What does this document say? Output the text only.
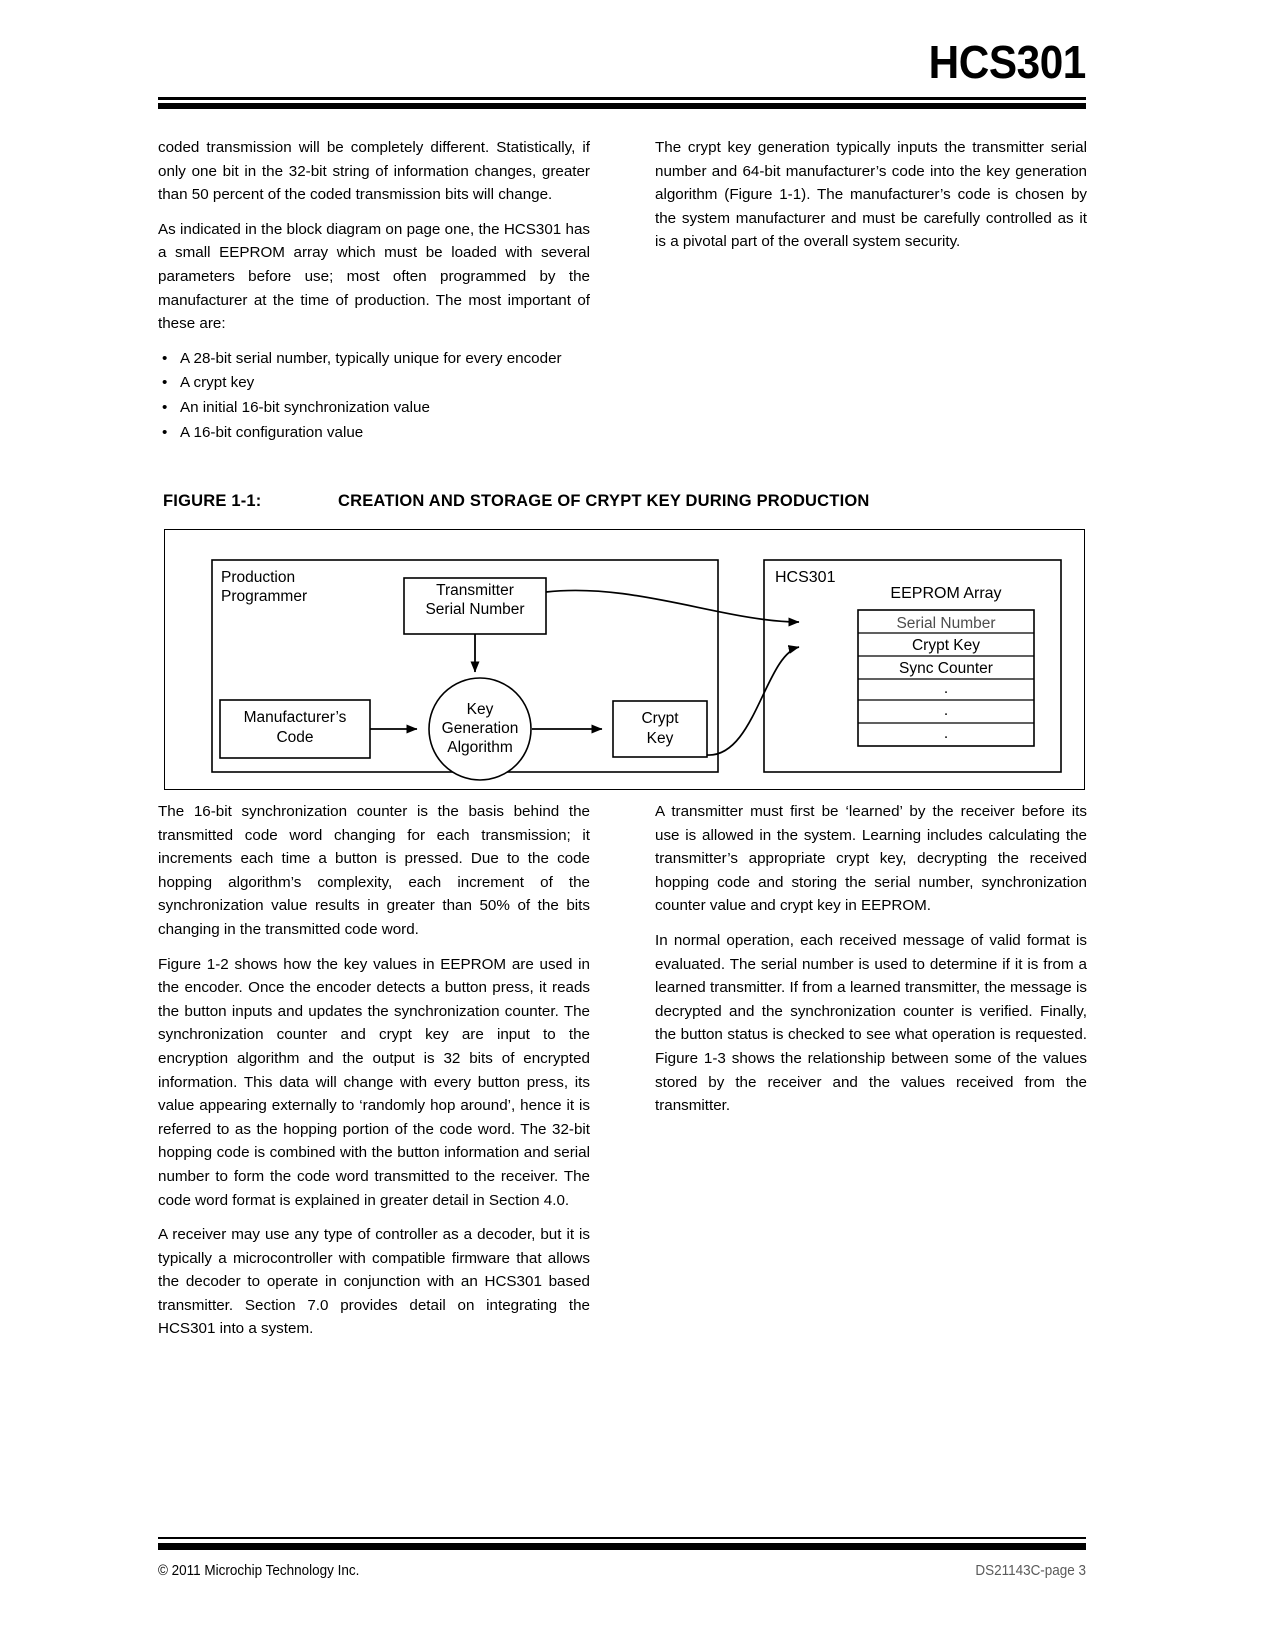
HCS301

coded transmission will be completely different. Statistically, if only one bit in the 32-bit string of information changes, greater than 50 percent of the coded transmission bits will change.

As indicated in the block diagram on page one, the HCS301 has a small EEPROM array which must be loaded with several parameters before use; most often programmed by the manufacturer at the time of production. The most important of these are:

• A 28-bit serial number, typically unique for every encoder
• A crypt key
• An initial 16-bit synchronization value
• A 16-bit configuration value

The crypt key generation typically inputs the transmitter serial number and 64-bit manufacturer’s code into the key generation algorithm (Figure 1-1). The manufacturer’s code is chosen by the system manufacturer and must be carefully controlled as it is a pivotal part of the overall system security.

FIGURE 1-1:	CREATION AND STORAGE OF CRYPT KEY DURING PRODUCTION
Production
Programmer	Transmitter
Serial Number
Manufacturer’s
Code
Key
Generation
Algorithm
Crypt
Key
HCS301
EEPROM Array
Serial Number
Crypt Key
Sync Counter
.
.
.

The 16-bit synchronization counter is the basis behind the transmitted code word changing for each transmission; it increments each time a button is pressed. Due to the code hopping algorithm’s complexity, each increment of the synchronization value results in greater than 50% of the bits changing in the transmitted code word.

Figure 1-2 shows how the key values in EEPROM are used in the encoder. Once the encoder detects a button press, it reads the button inputs and updates the synchronization counter. The synchronization counter and crypt key are input to the encryption algorithm and the output is 32 bits of encrypted information. This data will change with every button press, its value appearing externally to ‘randomly hop around’, hence it is referred to as the hopping portion of the code word. The 32-bit hopping code is combined with the button information and serial number to form the code word transmitted to the receiver. The code word format is explained in greater detail in Section 4.0.

A receiver may use any type of controller as a decoder, but it is typically a microcontroller with compatible firmware that allows the decoder to operate in conjunction with an HCS301 based transmitter. Section 7.0 provides detail on integrating the HCS301 into a system.

A transmitter must first be ‘learned’ by the receiver before its use is allowed in the system. Learning includes calculating the transmitter’s appropriate crypt key, decrypting the received hopping code and storing the serial number, synchronization counter value and crypt key in EEPROM.

In normal operation, each received message of valid format is evaluated. The serial number is used to determine if it is from a learned transmitter. If from a learned transmitter, the message is decrypted and the synchronization counter is verified. Finally, the button status is checked to see what operation is requested. Figure 1-3 shows the relationship between some of the values stored by the receiver and the values received from the transmitter.

© 2011 Microchip Technology Inc.	DS21143C-page 3
